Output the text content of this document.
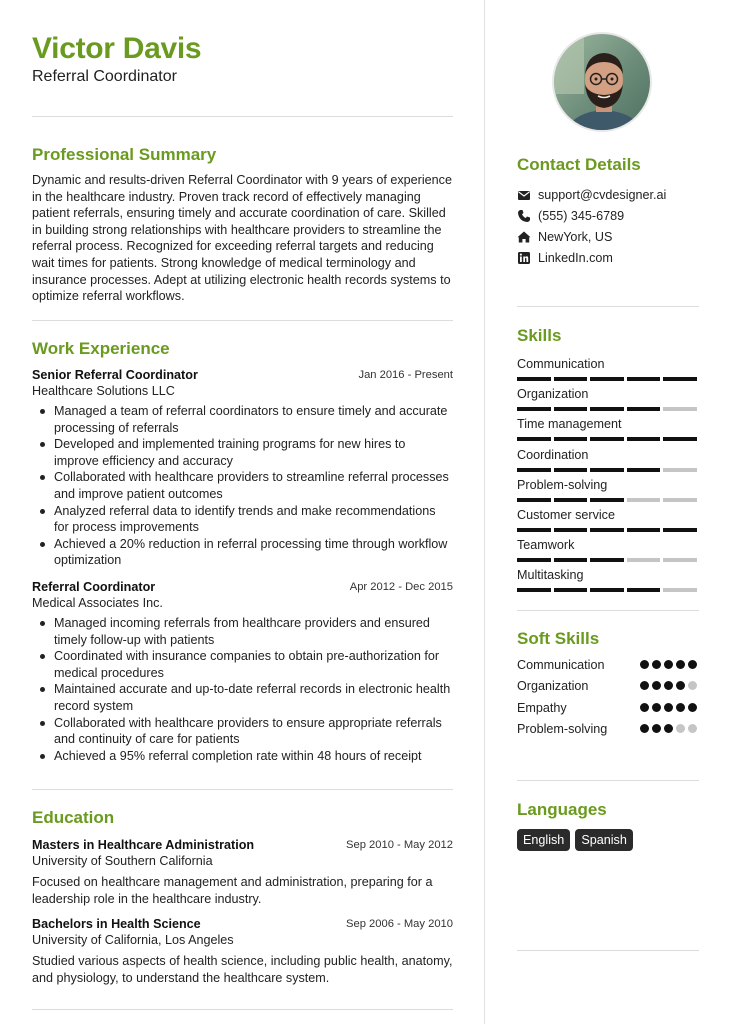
Victor Davis
Referral Coordinator
Professional Summary
Dynamic and results-driven Referral Coordinator with 9 years of experience in the healthcare industry. Proven track record of effectively managing patient referrals, ensuring timely and accurate coordination of care. Skilled in building strong relationships with healthcare providers to streamline the referral process. Recognized for exceeding referral targets and reducing wait times for patients. Strong knowledge of medical terminology and insurance processes. Adept at utilizing electronic health records systems to optimize referral workflows.
Work Experience
Senior Referral Coordinator	Jan 2016 - Present
Healthcare Solutions LLC
Managed a team of referral coordinators to ensure timely and accurate processing of referrals
Developed and implemented training programs for new hires to improve efficiency and accuracy
Collaborated with healthcare providers to streamline referral processes and improve patient outcomes
Analyzed referral data to identify trends and make recommendations for process improvements
Achieved a 20% reduction in referral processing time through workflow optimization
Referral Coordinator	Apr 2012 - Dec 2015
Medical Associates Inc.
Managed incoming referrals from healthcare providers and ensured timely follow-up with patients
Coordinated with insurance companies to obtain pre-authorization for medical procedures
Maintained accurate and up-to-date referral records in electronic health record system
Collaborated with healthcare providers to ensure appropriate referrals and continuity of care for patients
Achieved a 95% referral completion rate within 48 hours of receipt
Education
Masters in Healthcare Administration	Sep 2010 - May 2012
University of Southern California
Focused on healthcare management and administration, preparing for a leadership role in the healthcare industry.
Bachelors in Health Science	Sep 2006 - May 2010
University of California, Los Angeles
Studied various aspects of health science, including public health, anatomy, and physiology, to understand the healthcare system.
Contact Details
support@cvdesigner.ai
(555) 345-6789
NewYork, US
LinkedIn.com
Skills
Communication
Organization
Time management
Coordination
Problem-solving
Customer service
Teamwork
Multitasking
Soft Skills
Communication
Organization
Empathy
Problem-solving
Languages
English	Spanish
